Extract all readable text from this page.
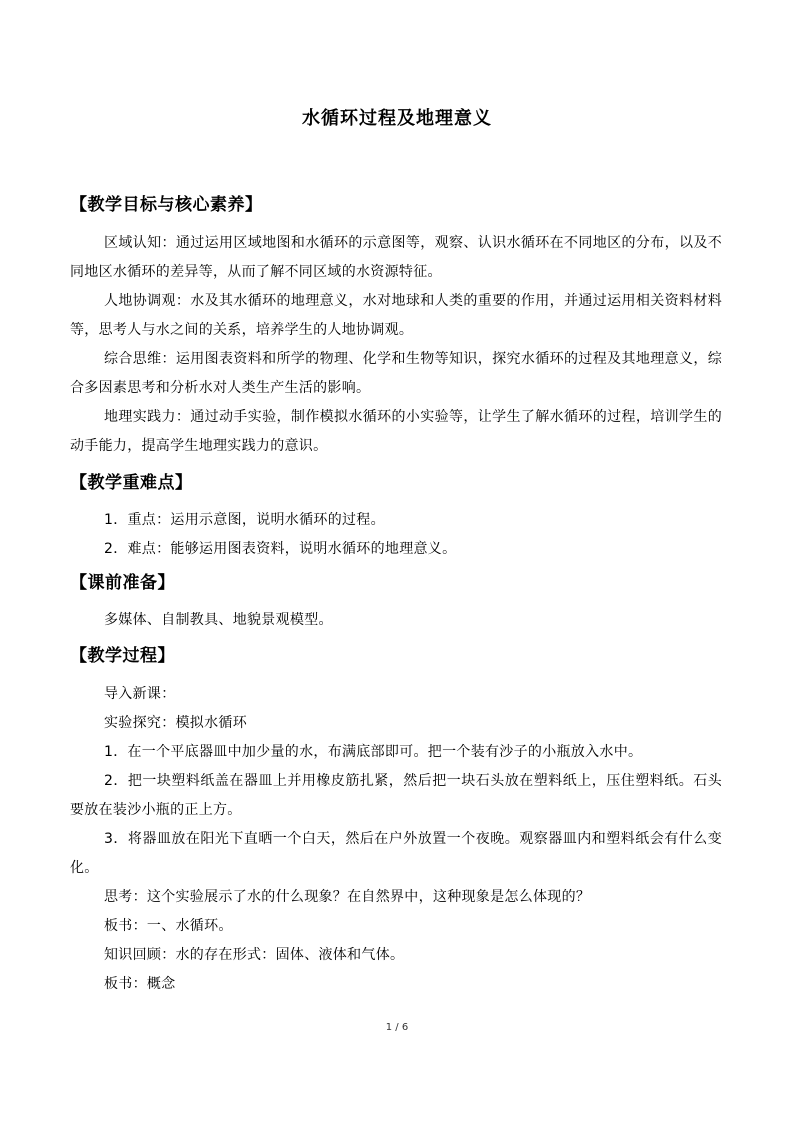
水循环过程及地理意义
【教学目标与核心素养】
区域认知：通过运用区域地图和水循环的示意图等，观察、认识水循环在不同地区的分布，以及不同地区水循环的差异等，从而了解不同区域的水资源特征。
人地协调观：水及其水循环的地理意义，水对地球和人类的重要的作用，并通过运用相关资料材料等，思考人与水之间的关系，培养学生的人地协调观。
综合思维：运用图表资料和所学的物理、化学和生物等知识，探究水循环的过程及其地理意义，综合多因素思考和分析水对人类生产生活的影响。
地理实践力：通过动手实验，制作模拟水循环的小实验等，让学生了解水循环的过程，培训学生的动手能力，提高学生地理实践力的意识。
【教学重难点】
1．重点：运用示意图，说明水循环的过程。
2．难点：能够运用图表资料，说明水循环的地理意义。
【课前准备】
多媒体、自制教具、地貌景观模型。
【教学过程】
导入新课：
实验探究：模拟水循环
1．在一个平底器皿中加少量的水，布满底部即可。把一个装有沙子的小瓶放入水中。
2．把一块塑料纸盖在器皿上并用橡皮筋扎紧，然后把一块石头放在塑料纸上，压住塑料纸。石头要放在装沙小瓶的正上方。
3．将器皿放在阳光下直晒一个白天，然后在户外放置一个夜晚。观察器皿内和塑料纸会有什么变化。
思考：这个实验展示了水的什么现象？在自然界中，这种现象是怎么体现的？
板书：一、水循环。
知识回顾：水的存在形式：固体、液体和气体。
板书：概念
1 / 6
